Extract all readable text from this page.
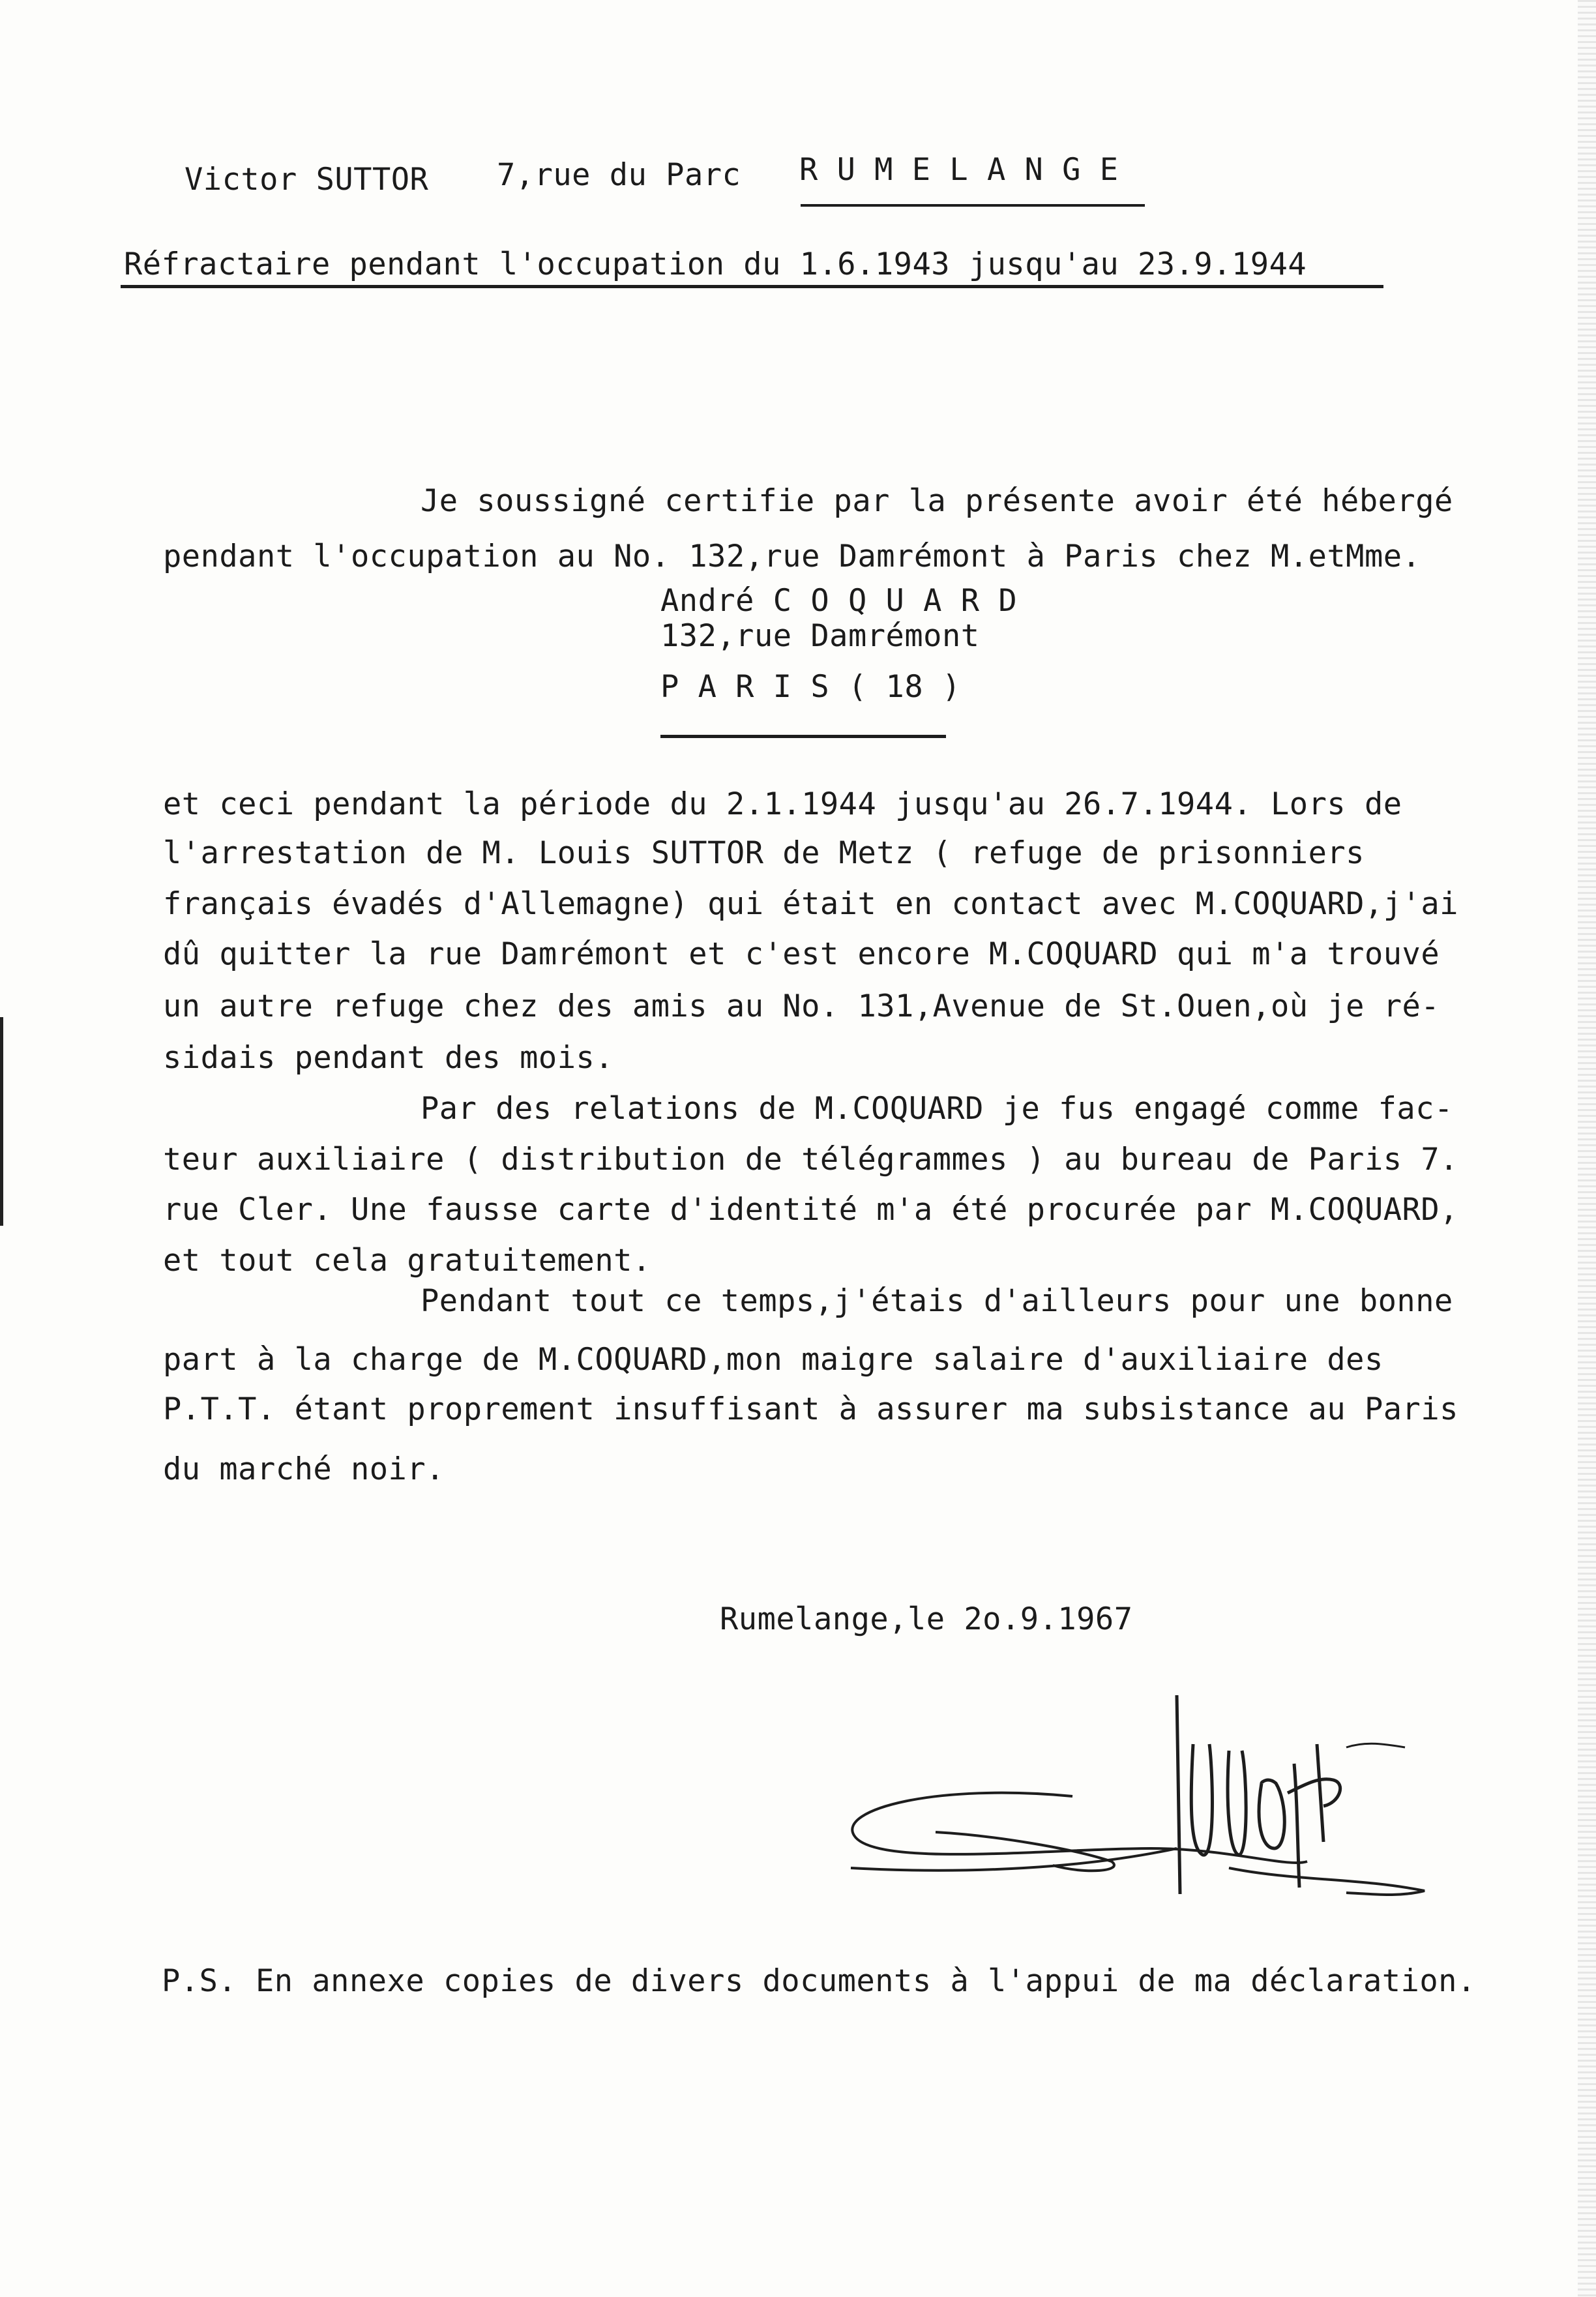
Victor SUTTOR 7,rue du Parc R U M E L A N G E
Réfractaire pendant l'occupation du 1.6.1943 jusqu'au 23.9.1944
Je soussigné certifie par la présente avoir été hébergé
pendant l'occupation au No. 132,rue Damrémont à Paris chez M.etMme.
André C O Q U A R D
132,rue Damrémont
P A R I S ( 18 )
et ceci pendant la période du 2.1.1944 jusqu'au 26.7.1944. Lors de
l'arrestation de M. Louis SUTTOR de Metz ( refuge de prisonniers
français évadés d'Allemagne) qui était en contact avec M.COQUARD,j'ai
dû quitter la rue Damrémont et c'est encore M.COQUARD qui m'a trouvé
un autre refuge chez des amis au No. 131,Avenue de St.Ouen,où je ré-
sidais pendant des mois.
Par des relations de M.COQUARD je fus engagé comme fac-
teur auxiliaire ( distribution de télégrammes ) au bureau de Paris 7.
rue Cler. Une fausse carte d'identité m'a été procurée par M.COQUARD,
et tout cela gratuitement.
Pendant tout ce temps,j'étais d'ailleurs pour une bonne
part à la charge de M.COQUARD,mon maigre salaire d'auxiliaire des
P.T.T. étant proprement insuffisant à assurer ma subsistance au Paris
du marché noir.
Rumelange,le 2o.9.1967
P.S. En annexe copies de divers documents à l'appui de ma déclaration.
